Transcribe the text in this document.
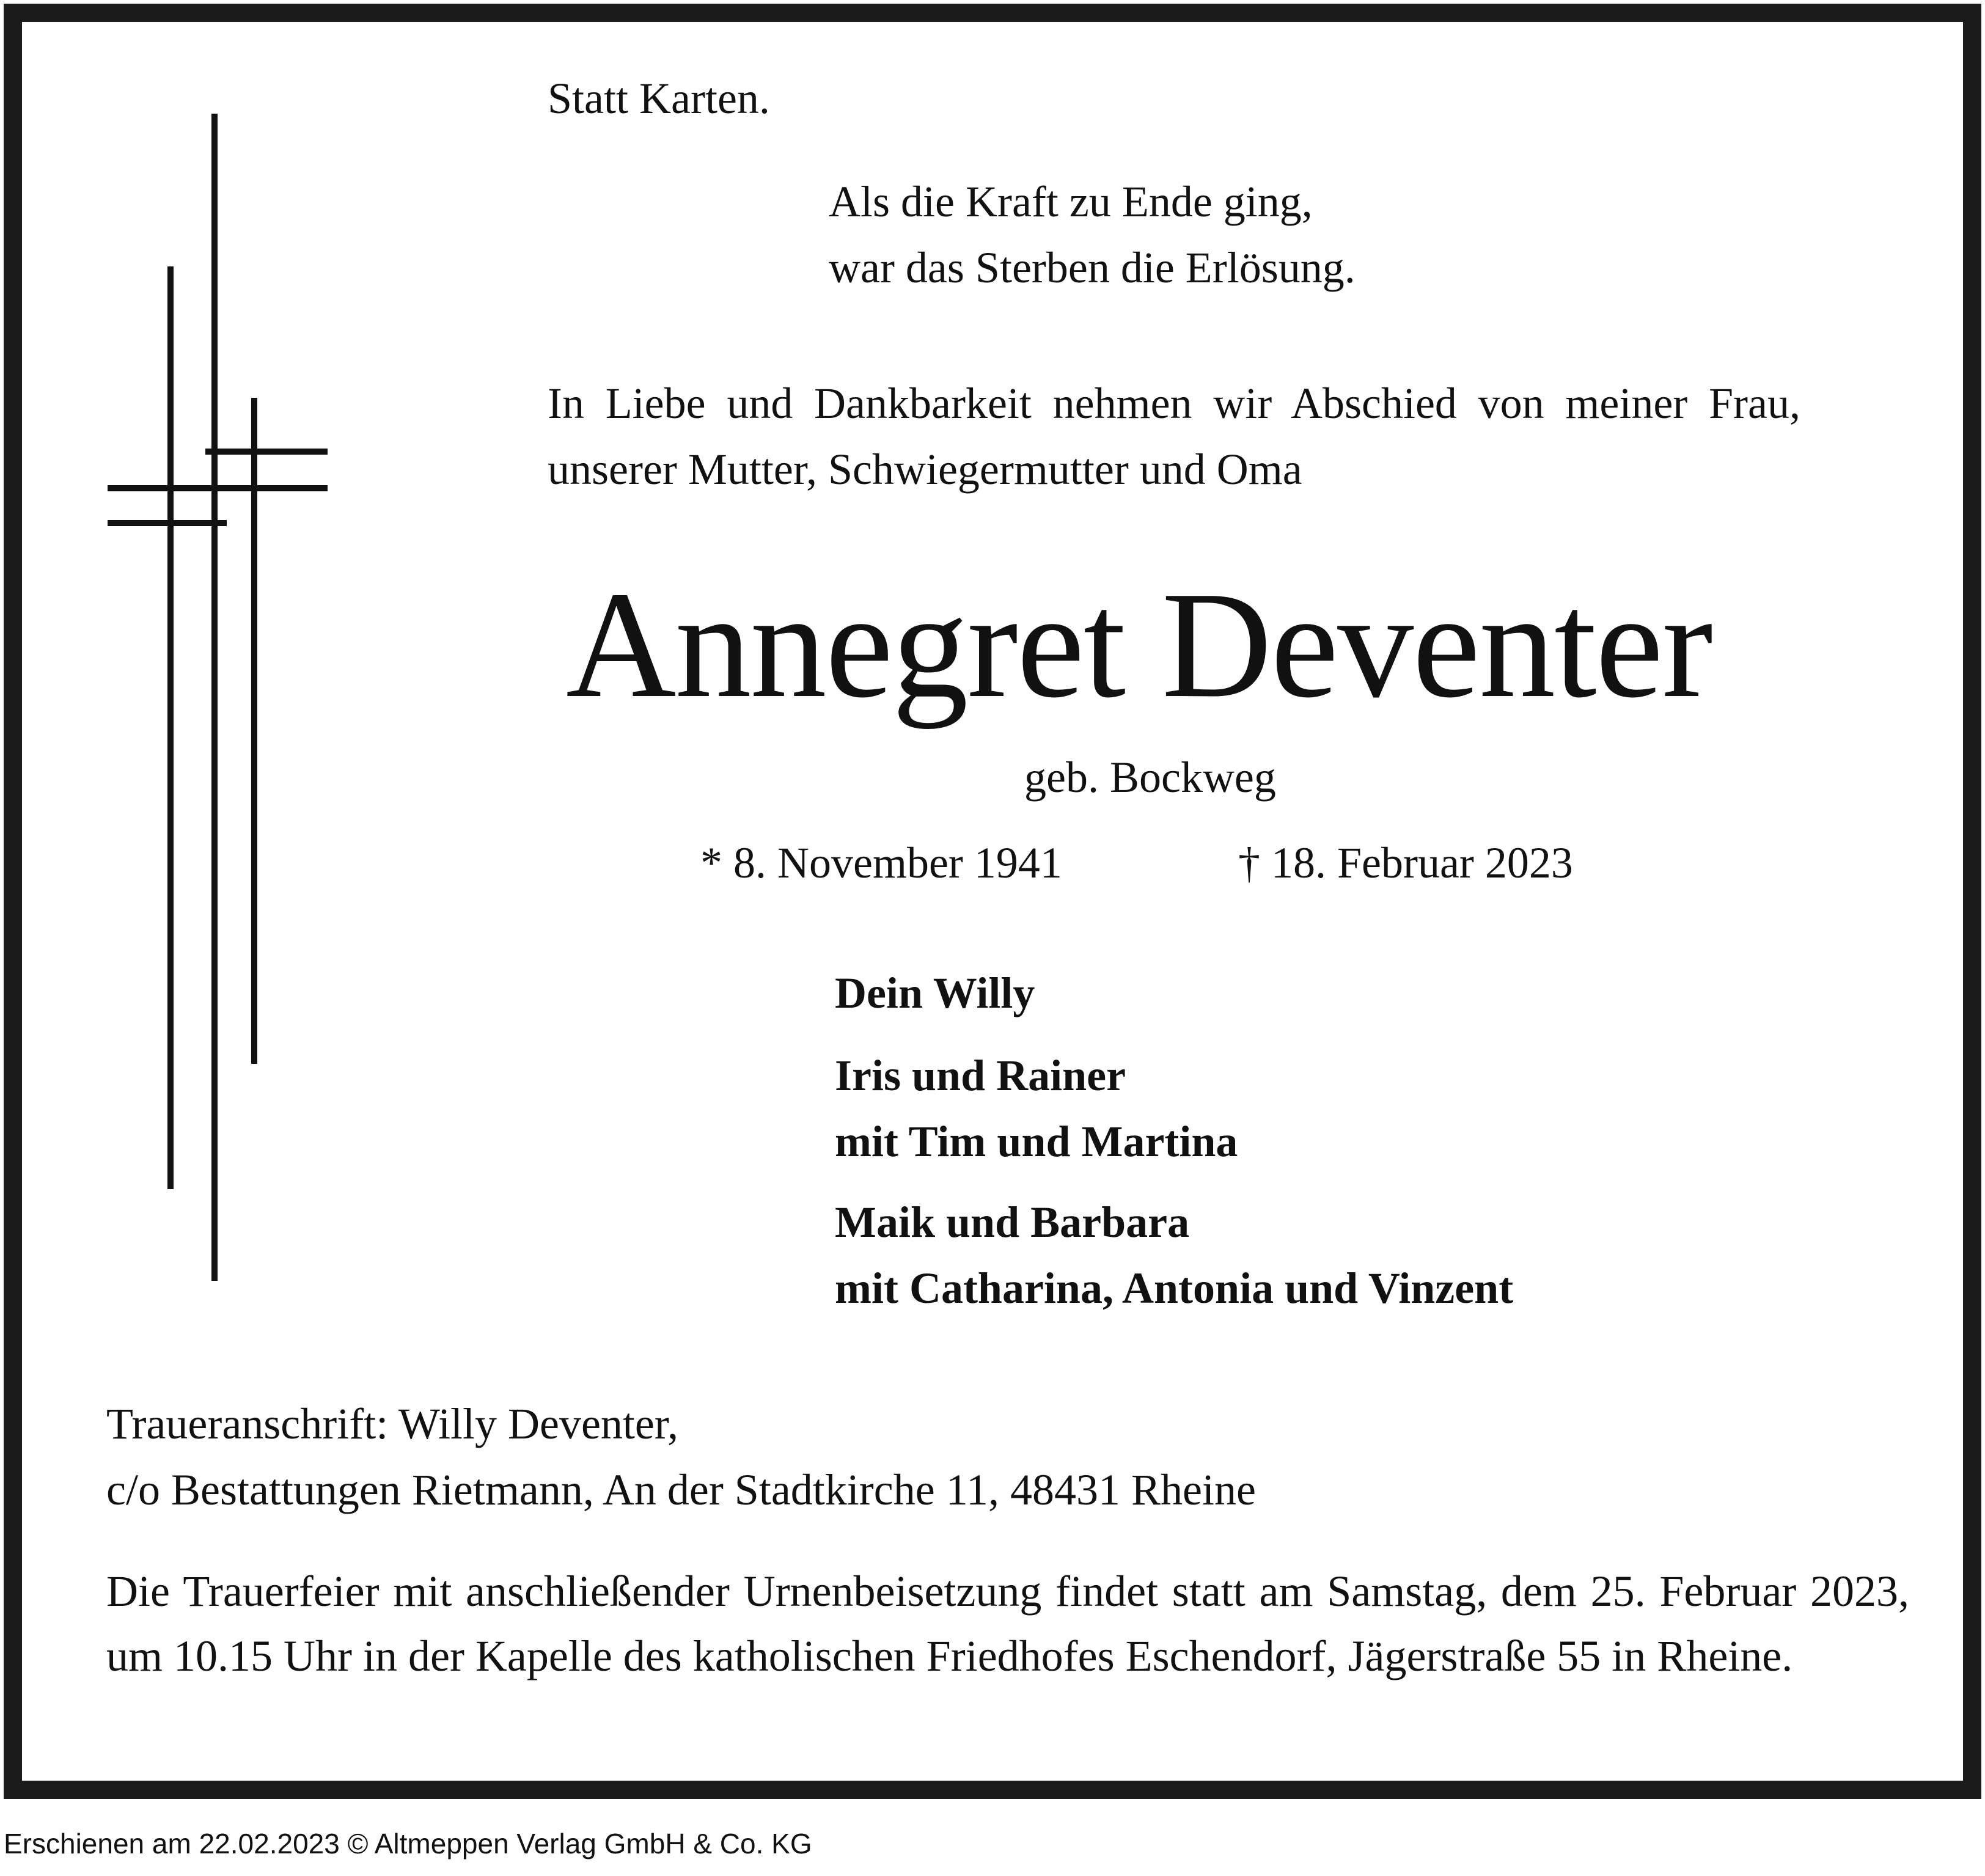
Statt Karten.
Als die Kraft zu Ende ging,
war das Sterben die Erlösung.
In Liebe und Dankbarkeit nehmen wir Abschied von meiner Frau, unserer Mutter, Schwiegermutter und Oma
Annegret Deventer
geb. Bockweg
* 8. November 1941	† 18. Februar 2023
Dein Willy
Iris und Rainer
mit Tim und Martina
Maik und Barbara
mit Catharina, Antonia und Vinzent
Traueranschrift: Willy Deventer,
c/o Bestattungen Rietmann, An der Stadtkirche 11, 48431 Rheine
Die Trauerfeier mit anschließender Urnenbeisetzung findet statt am Samstag, dem 25. Februar 2023, um 10.15 Uhr in der Kapelle des katholischen Friedhofes Eschendorf, Jägerstraße 55 in Rheine.
Erschienen am 22.02.2023 © Altmeppen Verlag GmbH & Co. KG
